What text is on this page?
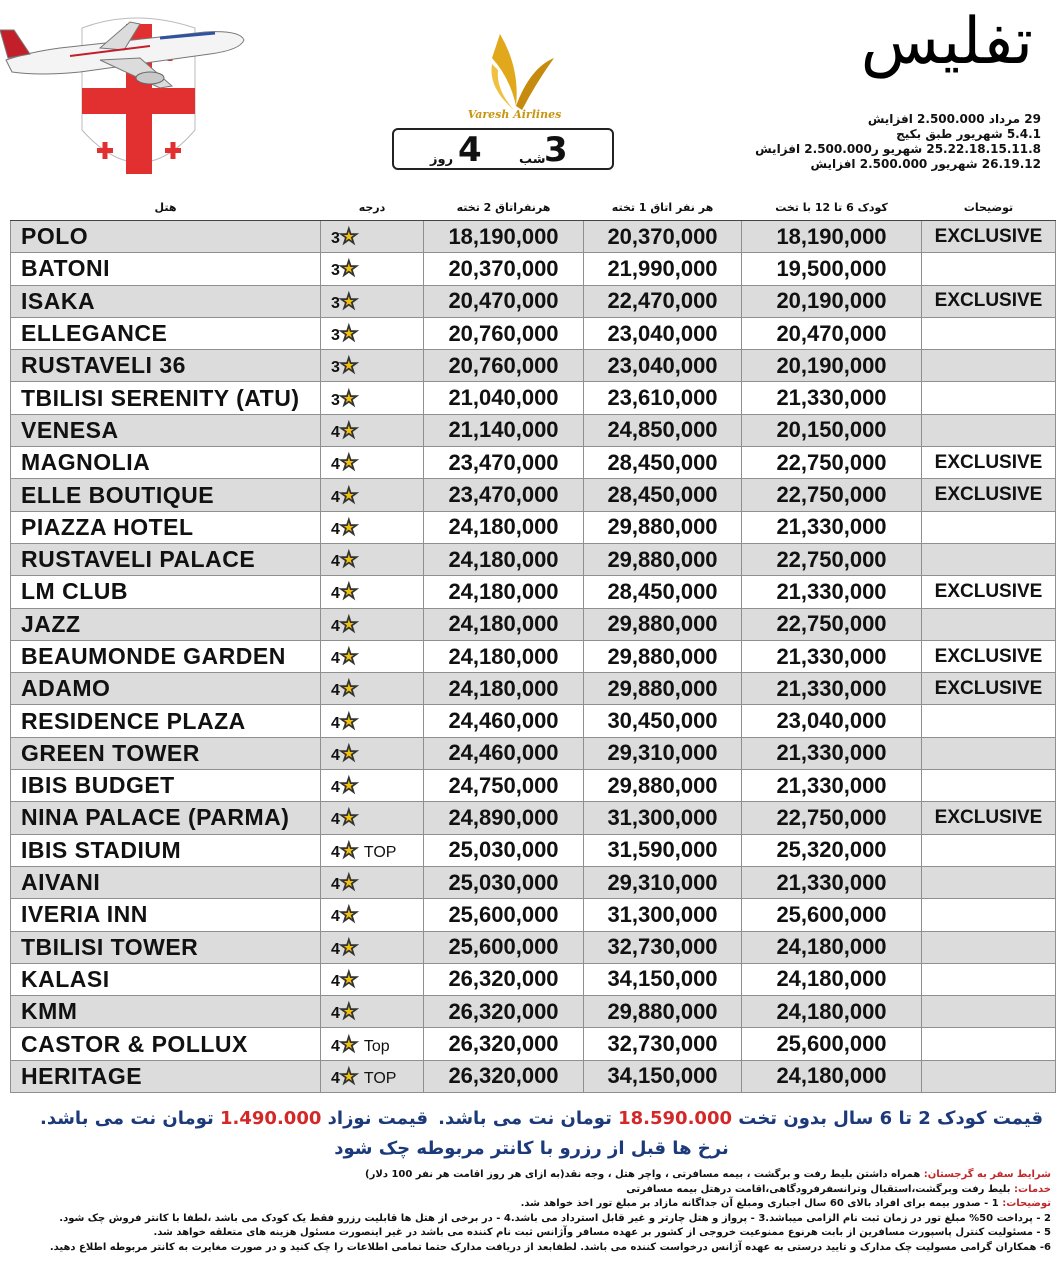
Varesh Airlines
تفلیس
29 مرداد 2.500.000 افزایش
5.4.1 شهریور طبق بکیج
25.22.18.15.11.8 شهریو ر2.500.000 افزایش
26.19.12 شهریور 2.500.000 افزایش
3
شب
4
روز
هتل	درجه	هرنفراتاق 2 تخته	هر نفر اتاق 1 تخته	کودک 6 تا 12 با تخت	توضیحات
POLO	3★	18,190,000	20,370,000	18,190,000	EXCLUSIVE
BATONI	3★	20,370,000	21,990,000	19,500,000	
ISAKA	3★	20,470,000	22,470,000	20,190,000	EXCLUSIVE
ELLEGANCE	3★	20,760,000	23,040,000	20,470,000	
RUSTAVELI 36	3★	20,760,000	23,040,000	20,190,000	
TBILISI SERENITY (ATU)	3★	21,040,000	23,610,000	21,330,000	
VENESA	4★	21,140,000	24,850,000	20,150,000	
MAGNOLIA	4★	23,470,000	28,450,000	22,750,000	EXCLUSIVE
ELLE BOUTIQUE	4★	23,470,000	28,450,000	22,750,000	EXCLUSIVE
PIAZZA HOTEL	4★	24,180,000	29,880,000	21,330,000	
RUSTAVELI PALACE	4★	24,180,000	29,880,000	22,750,000	
LM CLUB	4★	24,180,000	28,450,000	21,330,000	EXCLUSIVE
JAZZ	4★	24,180,000	29,880,000	22,750,000	
BEAUMONDE GARDEN	4★	24,180,000	29,880,000	21,330,000	EXCLUSIVE
ADAMO	4★	24,180,000	29,880,000	21,330,000	EXCLUSIVE
RESIDENCE PLAZA	4★	24,460,000	30,450,000	23,040,000	
GREEN TOWER	4★	24,460,000	29,310,000	21,330,000	
IBIS BUDGET	4★	24,750,000	29,880,000	21,330,000	
NINA PALACE (PARMA)	4★	24,890,000	31,300,000	22,750,000	EXCLUSIVE
IBIS STADIUM	4★ TOP	25,030,000	31,590,000	25,320,000	
AIVANI	4★	25,030,000	29,310,000	21,330,000	
IVERIA INN	4★	25,600,000	31,300,000	25,600,000	
TBILISI TOWER	4★	25,600,000	32,730,000	24,180,000	
KALASI	4★	26,320,000	34,150,000	24,180,000	
KMM	4★	26,320,000	29,880,000	24,180,000	
CASTOR & POLLUX	4★ Top	26,320,000	32,730,000	25,600,000	
HERITAGE	4★ TOP	26,320,000	34,150,000	24,180,000	
قیمت کودک 2 تا 6 سال بدون تخت 18.590.000 تومان نت می باشد.
قیمت نوزاد 1.490.000 تومان نت می باشد.
نرخ ها قبل از رزرو با کانتر مربوطه چک شود
شرایط سفر به گرجستان: همراه داشتن بلیط رفت و برگشت ، بیمه مسافرتی ، واچر هتل ، وجه نقد(به ازای هر روز اقامت هر نفر 100 دلار)
خدمات: بلیط رفت وبرگشت،استقبال وترانسفرفرودگاهی،اقامت درهتل بیمه مسافرتی
توضیحات: 1 - صدور بیمه برای افراد بالای 60 سال اجباری ومبلغ آن جداگانه مازاد بر مبلغ تور اخذ خواهد شد.
2 - پرداخت 50% مبلغ تور در زمان ثبت نام الزامی میباشد.3 - پرواز و هتل چارتر و غیر قابل استرداد می باشد.4 - در برخی از هتل ها قابلیت رزرو فقط یک کودک می باشد ،لطفا با کانتر فروش چک شود.
5 - مسئولیت کنترل پاسپورت مسافرین از بابت هرنوع ممنوعیت خروجی از کشور بر عهده مسافر وآژانس ثبت نام کننده می باشد در غیر اینصورت مسئول هزینه های متعلقه خواهد شد.
6- همکاران گرامی مسولیت چک مدارک و تایید درستی به عهده آژانس درخواست کننده می باشد. لطفابعد از دریافت مدارک حتما تمامی اطلاعات را چک کنید و در صورت مغایرت به کانتر مربوطه اطلاع دهید.
